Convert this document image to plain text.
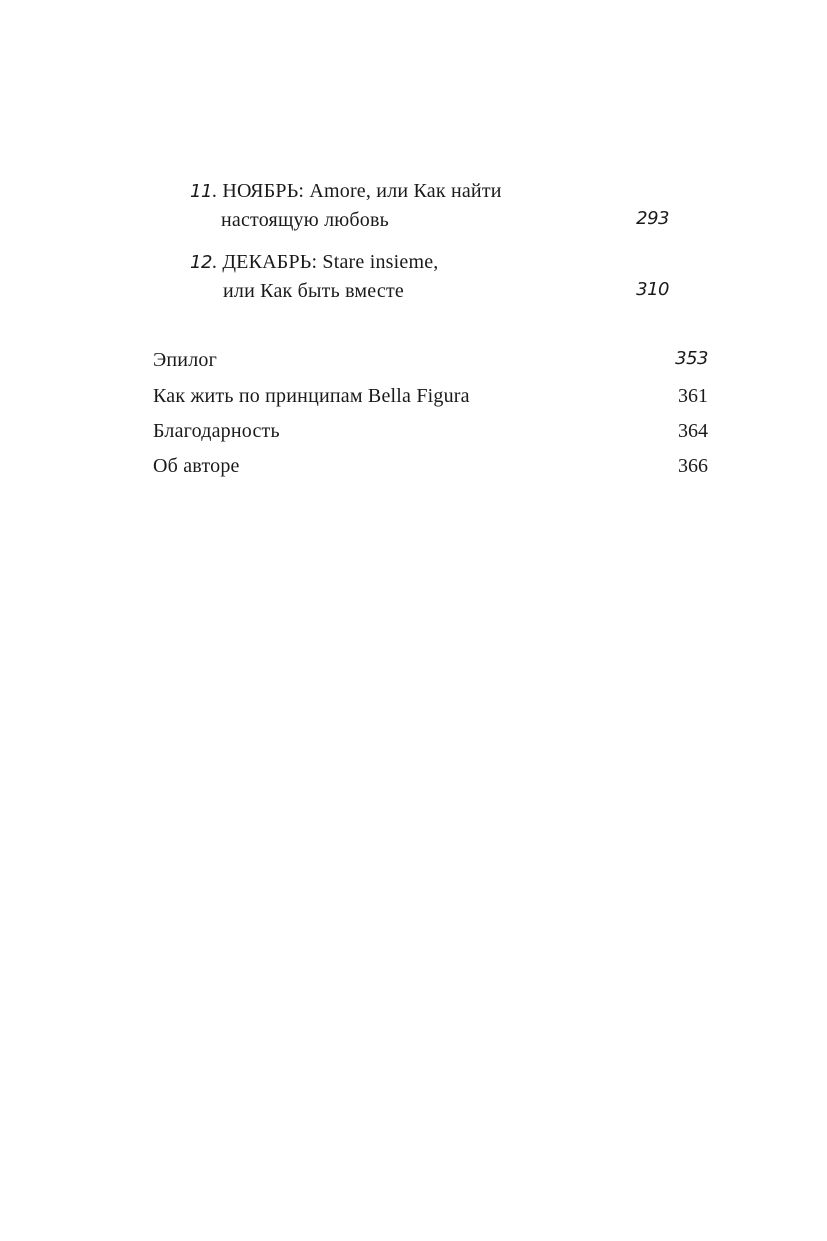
11. НОЯБРЬ: Amore, или Как найти
настоящую любовь	293
12. ДЕКАБРЬ: Stare insieme,
или Как быть вместе	310
Эпилог	353
Как жить по принципам Bella Figura	361
Благодарность	364
Об авторе	366
